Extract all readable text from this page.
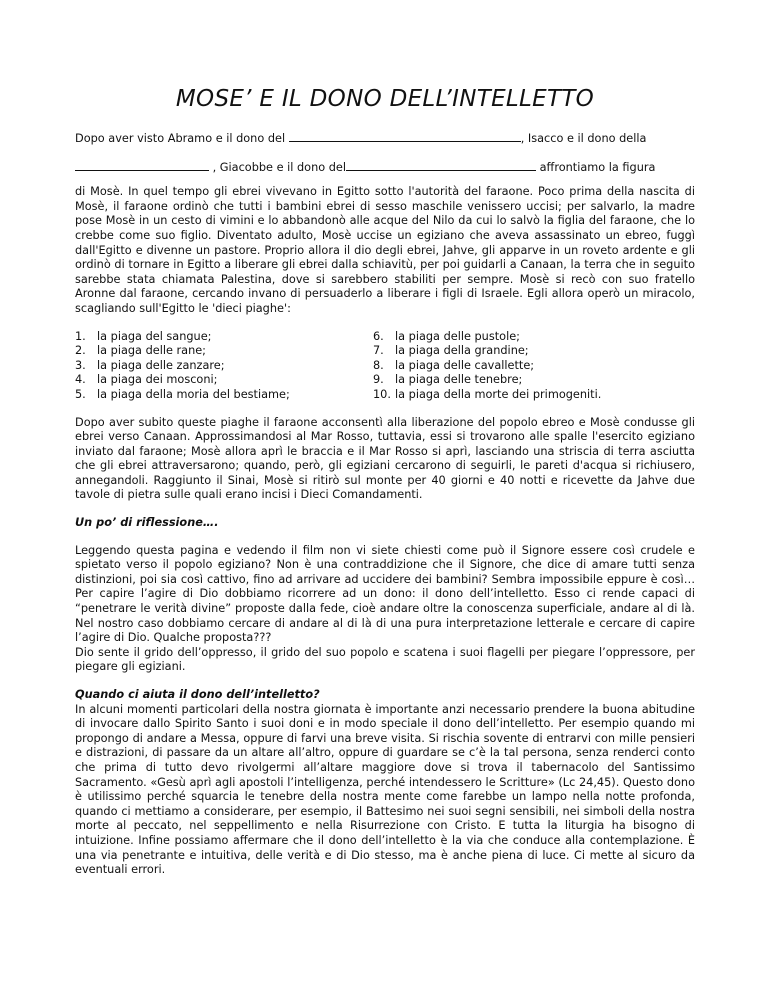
MOSE’ E IL DONO DELL’INTELLETTO

Dopo aver visto Abramo e il dono del	, Isacco e il dono della

, Giacobbe e il dono del	affrontiamo la figura

di Mosè. In quel tempo gli ebrei vivevano in Egitto sotto l'autorità del faraone. Poco prima della nascita di Mosè, il faraone ordinò che tutti i bambini ebrei di sesso maschile venissero uccisi; per salvarlo, la madre pose Mosè in un cesto di vimini e lo abbandonò alle acque del Nilo da cui lo salvò la figlia del faraone, che lo crebbe come suo figlio. Diventato adulto, Mosè uccise un egiziano che aveva assassinato un ebreo, fuggì dall'Egitto e divenne un pastore. Proprio allora il dio degli ebrei, Jahve, gli apparve in un roveto ardente e gli ordinò di tornare in Egitto a liberare gli ebrei dalla schiavitù, per poi guidarli a Canaan, la terra che in seguito sarebbe stata chiamata Palestina, dove si sarebbero stabiliti per sempre. Mosè si recò con suo fratello Aronne dal faraone, cercando invano di persuaderlo a liberare i figli di Israele. Egli allora operò un miracolo, scagliando sull'Egitto le 'dieci piaghe':

1. la piaga del sangue;
2. la piaga delle rane;
3. la piaga delle zanzare;
4. la piaga dei mosconi;
5. la piaga della moria del bestiame;
6. la piaga delle pustole;
7. la piaga della grandine;
8. la piaga delle cavallette;
9. la piaga delle tenebre;
10. la piaga della morte dei primogeniti.

Dopo aver subito queste piaghe il faraone acconsentì alla liberazione del popolo ebreo e Mosè condusse gli ebrei verso Canaan. Approssimandosi al Mar Rosso, tuttavia, essi si trovarono alle spalle l'esercito egiziano inviato dal faraone; Mosè allora aprì le braccia e il Mar Rosso si aprì, lasciando una striscia di terra asciutta che gli ebrei attraversarono; quando, però, gli egiziani cercarono di seguirli, le pareti d'acqua si richiusero, annegandoli. Raggiunto il Sinai, Mosè si ritirò sul monte per 40 giorni e 40 notti e ricevette da Jahve due tavole di pietra sulle quali erano incisi i Dieci Comandamenti.

Un po’ di riflessione….

Leggendo questa pagina e vedendo il film non vi siete chiesti come può il Signore essere così crudele e spietato verso il popolo egiziano? Non è una contraddizione che il Signore, che dice di amare tutti senza distinzioni, poi sia così cattivo, fino ad arrivare ad uccidere dei bambini? Sembra impossibile eppure è così… Per capire l’agire di Dio dobbiamo ricorrere ad un dono: il dono dell’intelletto. Esso ci rende capaci di “penetrare le verità divine” proposte dalla fede, cioè andare oltre la conoscenza superficiale, andare al di là. Nel nostro caso dobbiamo cercare di andare al di là di una pura interpretazione letterale e cercare di capire l’agire di Dio. Qualche proposta???

Dio sente il grido dell’oppresso, il grido del suo popolo e scatena i suoi flagelli per piegare l’oppressore, per piegare gli egiziani.

Quando ci aiuta il dono dell’intelletto?

In alcuni momenti particolari della nostra giornata è importante anzi necessario prendere la buona abitudine di invocare dallo Spirito Santo i suoi doni e in modo speciale il dono dell’intelletto. Per esempio quando mi propongo di andare a Messa, oppure di farvi una breve visita. Si rischia sovente di entrarvi con mille pensieri e distrazioni, di passare da un altare all’altro, oppure di guardare se c’è la tal persona, senza renderci conto che prima di tutto devo rivolgermi all’altare maggiore dove si trova il tabernacolo del Santissimo Sacramento. «Gesù aprì agli apostoli l’intelligenza, perché intendessero le Scritture» (Lc 24,45). Questo dono è utilissimo perché squarcia le tenebre della nostra mente come farebbe un lampo nella notte profonda, quando ci mettiamo a considerare, per esempio, il Battesimo nei suoi segni sensibili, nei simboli della nostra morte al peccato, nel seppellimento e nella Risurrezione con Cristo. E tutta la liturgia ha bisogno di intuizione. Infine possiamo affermare che il dono dell’intelletto è la via che conduce alla contemplazione. È una via penetrante e intuitiva, delle verità e di Dio stesso, ma è anche piena di luce. Ci mette al sicuro da eventuali errori.
